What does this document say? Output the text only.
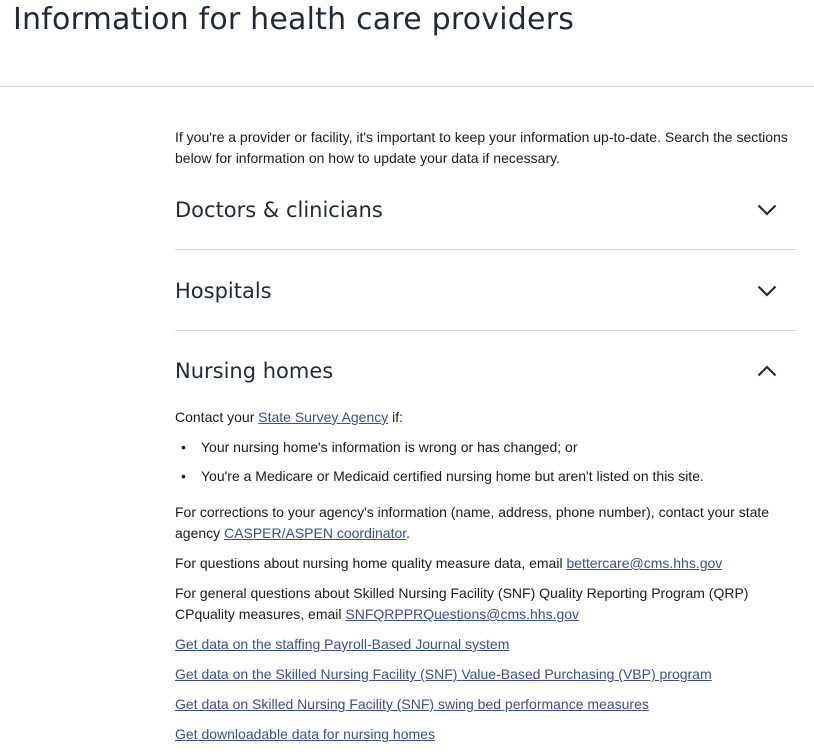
Information for health care providers

If you're a provider or facility, it's important to keep your information up-to-date. Search the sections below for information on how to update your data if necessary.

Doctors & clinicians
Hospitals
Nursing homes

Contact your State Survey Agency if:

• Your nursing home's information is wrong or has changed; or
• You're a Medicare or Medicaid certified nursing home but aren't listed on this site.

For corrections to your agency's information (name, address, phone number), contact your state agency CASPER/ASPEN coordinator.

For questions about nursing home quality measure data, email bettercare@cms.hhs.gov

For general questions about Skilled Nursing Facility (SNF) Quality Reporting Program (QRP) CPquality measures, email SNFQRPPRQuestions@cms.hhs.gov

Get data on the staffing Payroll-Based Journal system
Get data on the Skilled Nursing Facility (SNF) Value-Based Purchasing (VBP) program
Get data on Skilled Nursing Facility (SNF) swing bed performance measures
Get downloadable data for nursing homes
